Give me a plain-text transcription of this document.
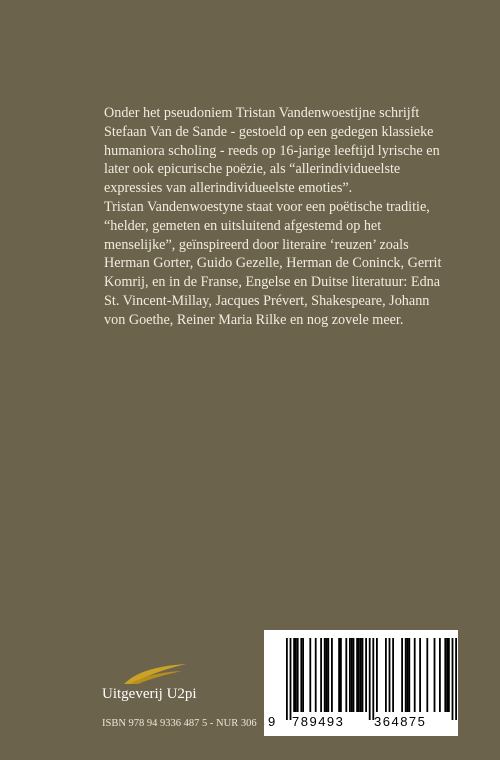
Onder het pseudoniem Tristan Vandenwoestijne schrijft Stefaan Van de Sande - gestoeld op een gedegen klassieke humaniora scholing - reeds op 16-jarige leeftijd lyrische en later ook epicurische poëzie, als “allerindividueelste expressies van allerindividueelste emoties”.

Tristan Vandenwoestyne staat voor een poëtische traditie, “helder, gemeten en uitsluitend afgestemd op het menselijke”, geïnspireerd door literaire ‘reuzen’ zoals Herman Gorter, Guido Gezelle, Herman de Coninck, Gerrit Komrij, en in de Franse, Engelse en Duitse literatuur: Edna St. Vincent-Millay, Jacques Prévert, Shakespeare, Johann von Goethe, Reiner Maria Rilke en nog zovele meer.

Uitgeverij U2pi
ISBN 978 94 9336 487 5 - NUR 306 9 789493 364875
